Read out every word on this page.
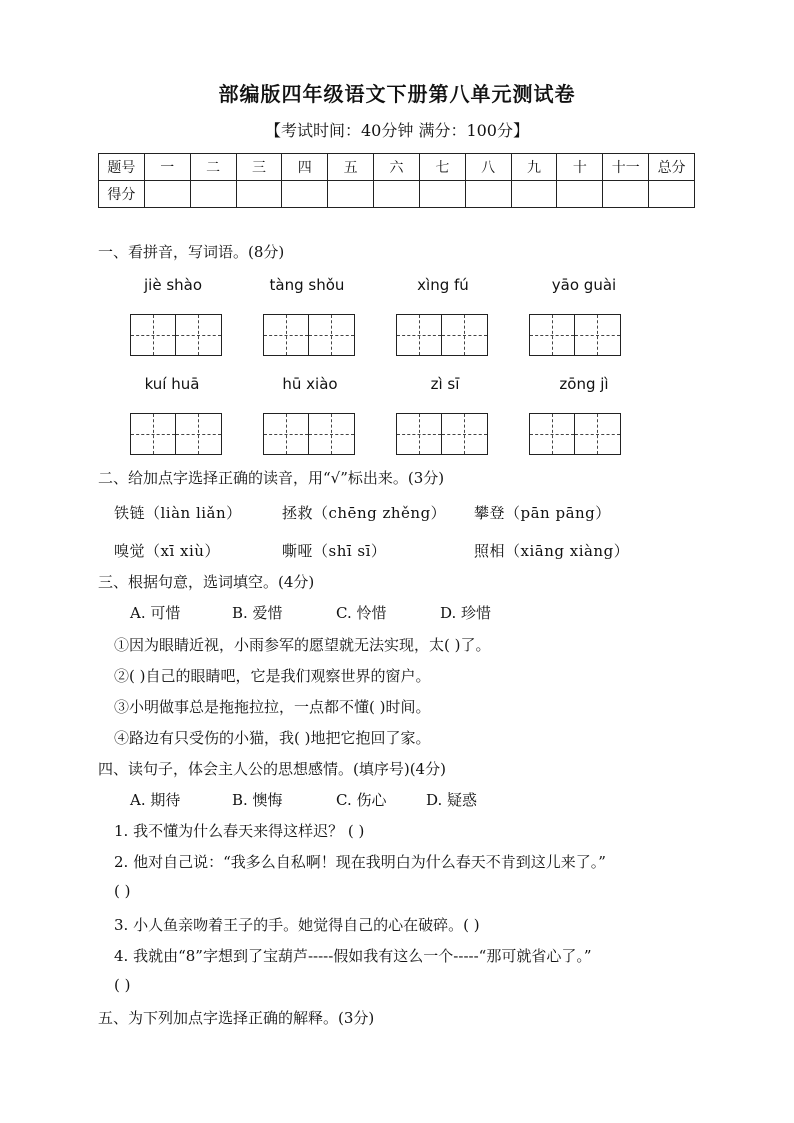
部编版四年级语文下册第八单元测试卷
【考试时间：40分钟 满分：100分】
题号	一	二	三	四	五	六	七	八	九	十	十一	总分
得分												
一、看拼音，写词语。(8分)
jiè shào	tàng shǒu	xìng fú	yāo guài
kuí huā	hū xiào	zì sī	zōng jì
二、给加点字选择正确的读音，用“√”标出来。(3分)
铁链（liàn liǎn）	拯救（chēng zhěng） 攀登（pān pāng）
嗅觉（xī xiù）	嘶哑（shī sī）	照相（xiāng xiàng）
三、根据句意，选词填空。(4分)
A. 可惜	B. 爱惜	C. 怜惜	D. 珍惜
①因为眼睛近视，小雨参军的愿望就无法实现，太( )了。
②( )自己的眼睛吧，它是我们观察世界的窗户。
③小明做事总是拖拖拉拉，一点都不懂( )时间。
④路边有只受伤的小猫，我( )地把它抱回了家。
四、读句子，体会主人公的思想感情。(填序号)(4分)
A. 期待	B. 懊悔	C. 伤心	D. 疑惑
1. 我不懂为什么春天来得这样迟？ ( )
2. 他对自己说：“我多么自私啊！现在我明白为什么春天不肯到这儿来了。”
( )
3. 小人鱼亲吻着王子的手。她觉得自己的心在破碎。( )
4. 我就由“8”字想到了宝葫芦-----假如我有这么一个-----“那可就省心了。”
( )
五、为下列加点字选择正确的解释。(3分)
